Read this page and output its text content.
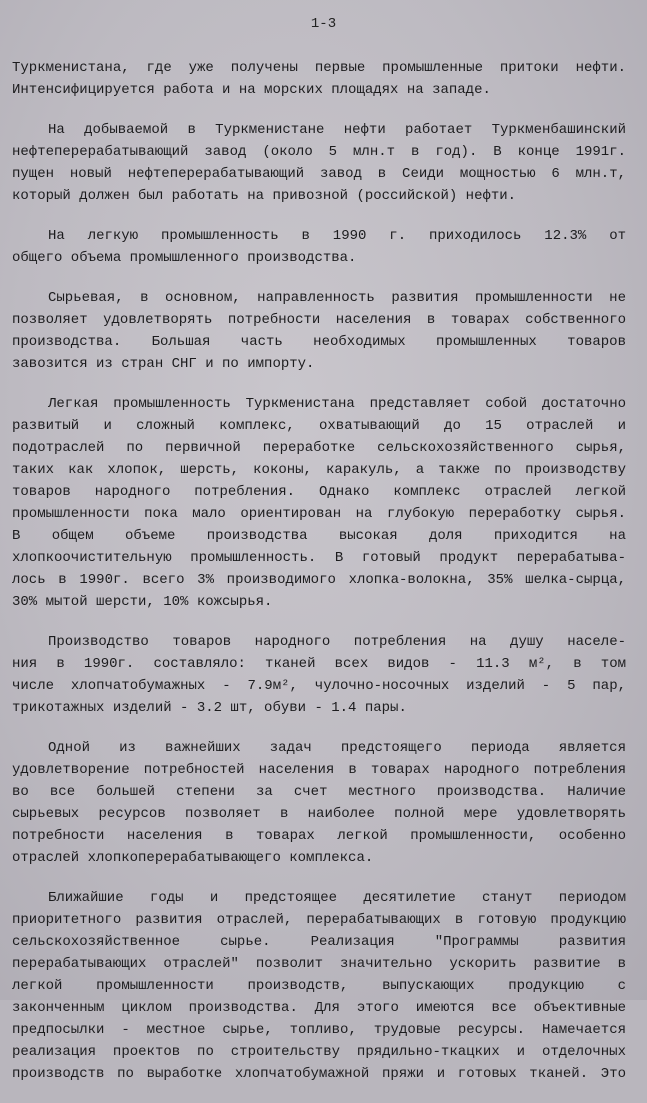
1-3
Туркменистана, где уже получены первые промышленные притоки нефти.
Интенсифицируется работа и на морских площадях на западе.
На добываемой в Туркменистане нефти работает Туркменбашинский
нефтеперерабатывающий завод (около 5 млн.т в год). В конце 1991г.
пущен новый нефтеперерабатывающий завод в Сеиди мощностью 6 млн.т,
который должен был работать на привозной (российской) нефти.
На легкую промышленность в 1990 г. приходилось 12.3% от
общего объема промышленного производства.
Сырьевая, в основном, направленность развития промышленности не
позволяет удовлетворять потребности населения в товарах собственного
производства. Большая часть необходимых промышленных товаров
завозится из стран СНГ и по импорту.
Легкая промышленность Туркменистана представляет собой достаточно
развитый и сложный комплекс, охватывающий до 15 отраслей и
подотраслей по первичной переработке сельскохозяйственного сырья,
таких как хлопок, шерсть, коконы, каракуль, а также по производству
товаров народного потребления. Однако комплекс отраслей легкой
промышленности пока мало ориентирован на глубокую переработку сырья.
В общем объеме производства высокая доля приходится на
хлопкоочистительную промышленность. В готовый продукт перерабатыва-
лось в 1990г. всего 3% производимого хлопка-волокна, 35% шелка-сырца,
30% мытой шерсти, 10% кожсырья.
Производство товаров народного потребления на душу населе-
ния в 1990г. составляло: тканей всех видов - 11.3 м², в том
числе хлопчатобумажных - 7.9м², чулочно-носочных изделий - 5 пар,
трикотажных изделий - 3.2 шт, обуви - 1.4 пары.
Одной из важнейших задач предстоящего периода является
удовлетворение потребностей населения в товарах народного потребления
во все большей степени за счет местного производства. Наличие
сырьевых ресурсов позволяет в наиболее полной мере удовлетворять
потребности населения в товарах легкой промышленности, особенно
отраслей хлопкоперерабатывающего комплекса.
Ближайшие годы и предстоящее десятилетие станут периодом
приоритетного развития отраслей, перерабатывающих в готовую продукцию
сельскохозяйственное сырье. Реализация "Программы развития
перерабатывающих отраслей" позволит значительно ускорить развитие в
легкой промышленности производств, выпускающих продукцию с
законченным циклом производства. Для этого имеются все объективные
предпосылки - местное сырье, топливо, трудовые ресурсы. Намечается
реализация проектов по строительству прядильно-ткацких и отделочных
производств по выработке хлопчатобумажной пряжи и готовых тканей. Это
